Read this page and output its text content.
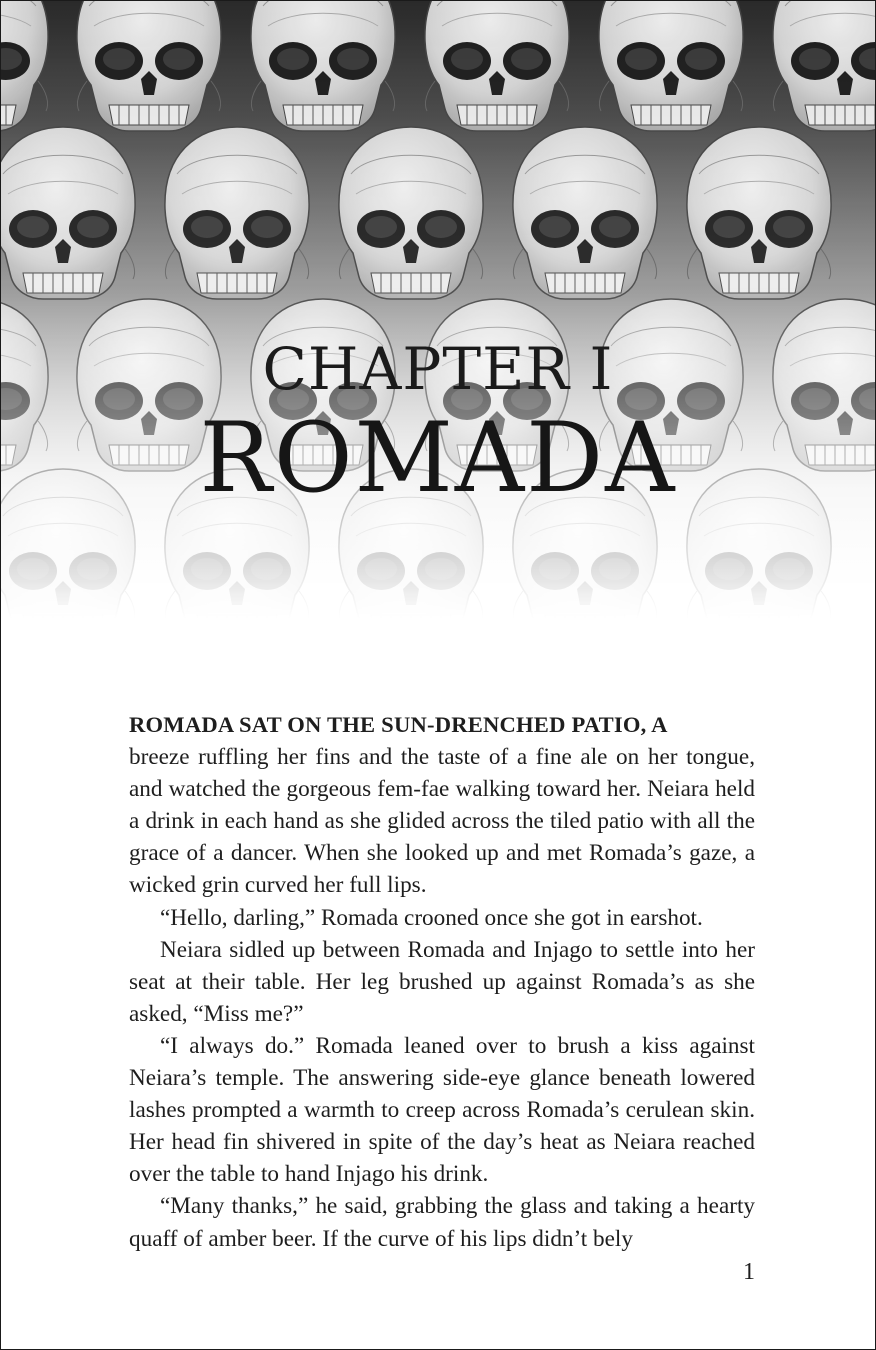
CHAPTER I
ROMADA
ROMADA SAT ON THE SUN-DRENCHED PATIO, A

breeze ruffling her fins and the taste of a fine ale on her tongue, and watched the gorgeous fem-fae walking toward her. Neiara held a drink in each hand as she glided across the tiled patio with all the grace of a dancer. When she looked up and met Romada’s gaze, a wicked grin curved her full lips.

“Hello, darling,” Romada crooned once she got in earshot.

Neiara sidled up between Romada and Injago to settle into her seat at their table. Her leg brushed up against Romada’s as she asked, “Miss me?”

“I always do.” Romada leaned over to brush a kiss against Neiara’s temple. The answering side-eye glance beneath lowered lashes prompted a warmth to creep across Romada’s cerulean skin. Her head fin shivered in spite of the day’s heat as Neiara reached over the table to hand Injago his drink.

“Many thanks,” he said, grabbing the glass and taking a hearty quaff of amber beer. If the curve of his lips didn’t bely

1
